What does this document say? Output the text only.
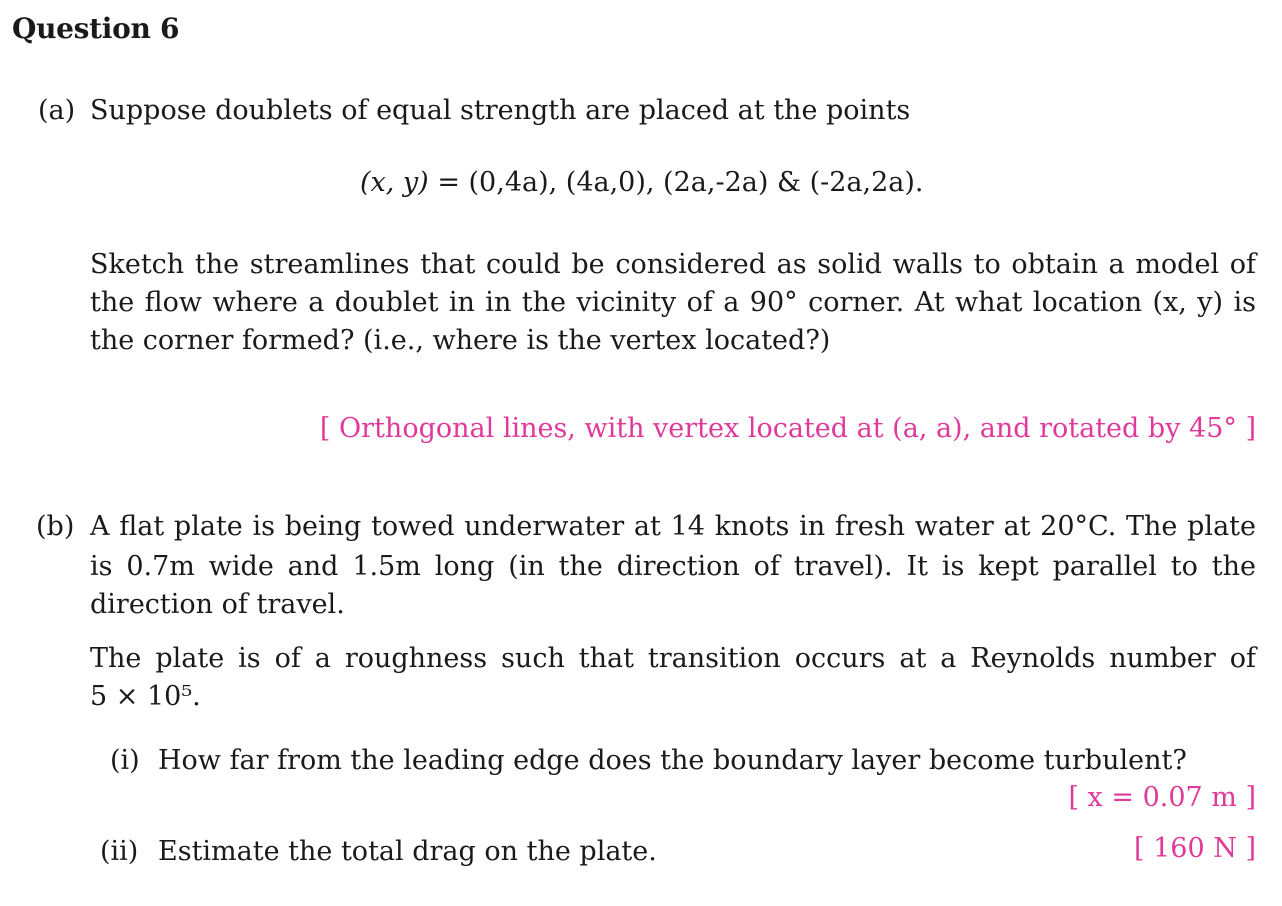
Question 6
(a) Suppose doublets of equal strength are placed at the points
(x, y) = (0,4a), (4a,0), (2a,-2a) & (-2a,2a).
Sketch the streamlines that could be considered as solid walls to obtain a model of
the flow where a doublet in in the vicinity of a 90° corner. At what location (x, y) is
the corner formed? (i.e., where is the vertex located?)
[ Orthogonal lines, with vertex located at (a, a), and rotated by 45° ]
(b) A flat plate is being towed underwater at 14 knots in fresh water at 20°C. The plate
is 0.7m wide and 1.5m long (in the direction of travel). It is kept parallel to the
direction of travel.
The plate is of a roughness such that transition occurs at a Reynolds number of
5 × 10⁵.
(i) How far from the leading edge does the boundary layer become turbulent?
[ x = 0.07 m ]
(ii) Estimate the total drag on the plate.	[ 160 N ]
